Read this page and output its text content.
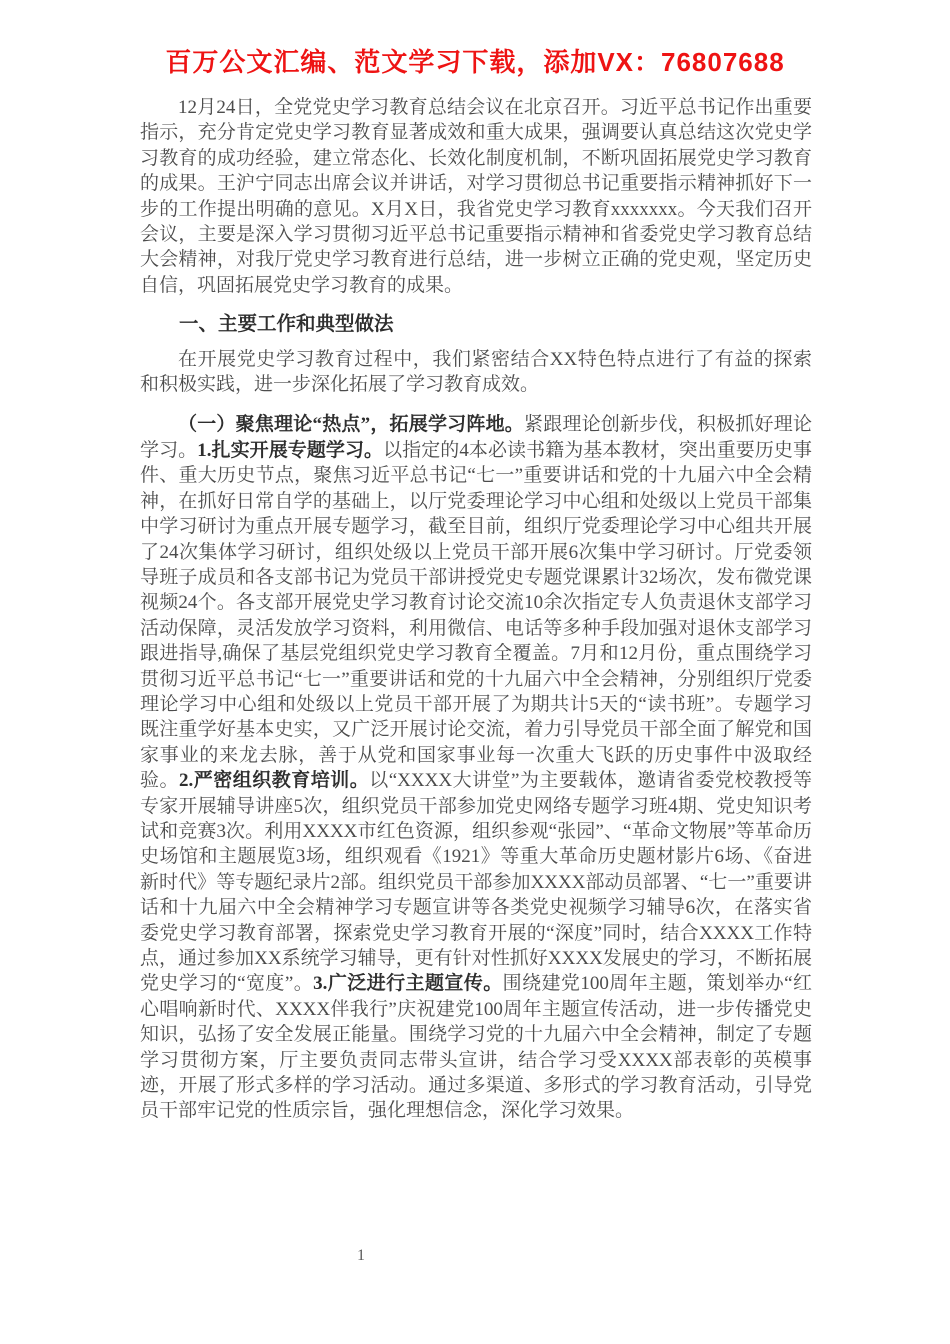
百万公文汇编、范文学习下载，添加VX：76807688

12月24日，全党党史学习教育总结会议在北京召开。习近平总书记作出重要指示，充分肯定党史学习教育显著成效和重大成果，强调要认真总结这次党史学习教育的成功经验，建立常态化、长效化制度机制，不断巩固拓展党史学习教育的成果。王沪宁同志出席会议并讲话，对学习贯彻总书记重要指示精神抓好下一步的工作提出明确的意见。X月X日，我省党史学习教育xxxxxxx。今天我们召开会议，主要是深入学习贯彻习近平总书记重要指示精神和省委党史学习教育总结大会精神，对我厅党史学习教育进行总结，进一步树立正确的党史观，坚定历史自信，巩固拓展党史学习教育的成果。

一、主要工作和典型做法

在开展党史学习教育过程中，我们紧密结合XX特色特点进行了有益的探索和积极实践，进一步深化拓展了学习教育成效。

（一）聚焦理论“热点”，拓展学习阵地。紧跟理论创新步伐，积极抓好理论学习。1.扎实开展专题学习。以指定的4本必读书籍为基本教材，突出重要历史事件、重大历史节点，聚焦习近平总书记“七一”重要讲话和党的十九届六中全会精神，在抓好日常自学的基础上，以厅党委理论学习中心组和处级以上党员干部集中学习研讨为重点开展专题学习，截至目前，组织厅党委理论学习中心组共开展了24次集体学习研讨，组织处级以上党员干部开展6次集中学习研讨。厅党委领导班子成员和各支部书记为党员干部讲授党史专题党课累计32场次，发布微党课视频24个。各支部开展党史学习教育讨论交流10余次指定专人负责退休支部学习活动保障，灵活发放学习资料，利用微信、电话等多种手段加强对退休支部学习跟进指导,确保了基层党组织党史学习教育全覆盖。7月和12月份，重点围绕学习贯彻习近平总书记“七一”重要讲话和党的十九届六中全会精神，分别组织厅党委理论学习中心组和处级以上党员干部开展了为期共计5天的“读书班”。专题学习既注重学好基本史实，又广泛开展讨论交流，着力引导党员干部全面了解党和国家事业的来龙去脉，善于从党和国家事业每一次重大飞跃的历史事件中汲取经验。2.严密组织教育培训。以“XXXX大讲堂”为主要载体，邀请省委党校教授等专家开展辅导讲座5次，组织党员干部参加党史网络专题学习班4期、党史知识考试和竞赛3次。利用XXXX市红色资源，组织参观“张园”、“革命文物展”等革命历史场馆和主题展览3场，组织观看《1921》等重大革命历史题材影片6场、《奋进新时代》等专题纪录片2部。组织党员干部参加XXXX部动员部署、“七一”重要讲话和十九届六中全会精神学习专题宣讲等各类党史视频学习辅导6次，在落实省委党史学习教育部署，探索党史学习教育开展的“深度”同时，结合XXXX工作特点，通过参加XX系统学习辅导，更有针对性抓好XXXX发展史的学习，不断拓展党史学习的“宽度”。3.广泛进行主题宣传。围绕建党100周年主题，策划举办“红心唱响新时代、XXXX伴我行”庆祝建党100周年主题宣传活动，进一步传播党史知识，弘扬了安全发展正能量。围绕学习党的十九届六中全会精神，制定了专题学习贯彻方案，厅主要负责同志带头宣讲，结合学习受XXXX部表彰的英模事迹，开展了形式多样的学习活动。通过多渠道、多形式的学习教育活动，引导党员干部牢记党的性质宗旨，强化理想信念，深化学习效果。

1
